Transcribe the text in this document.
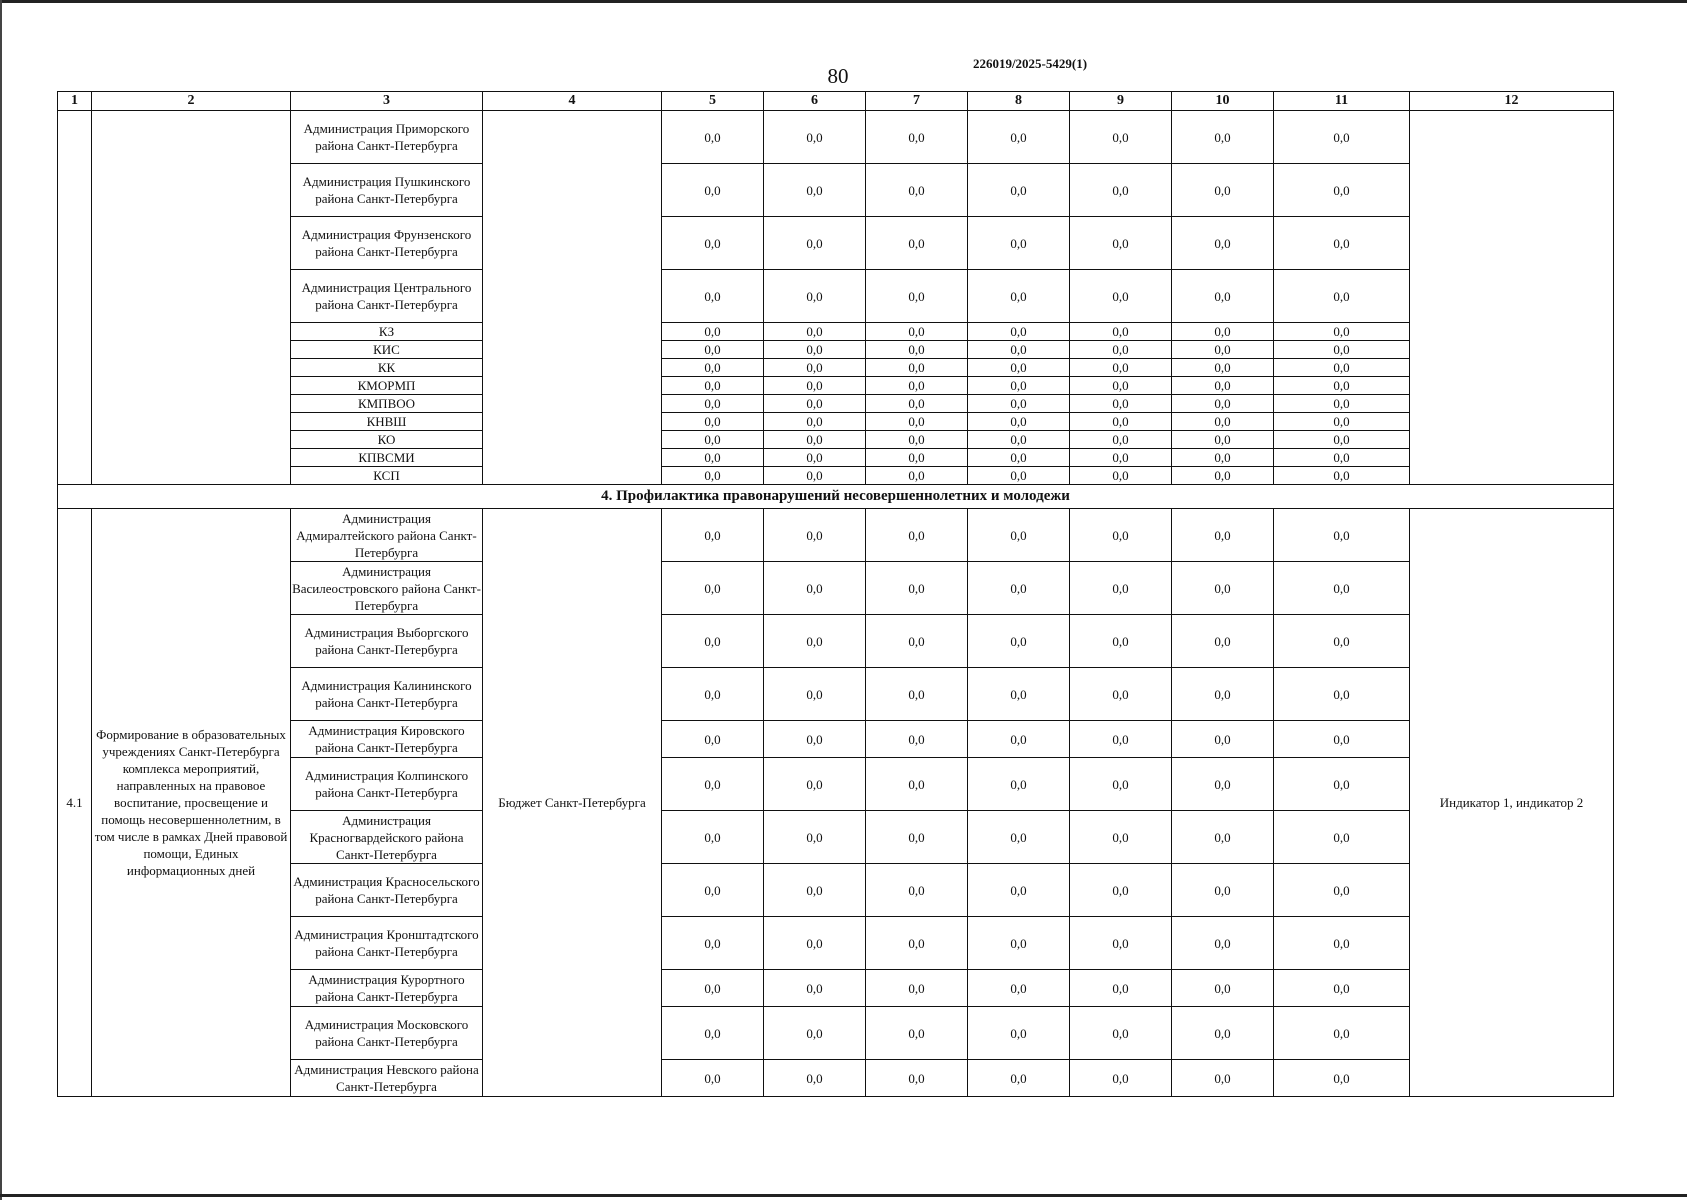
80
226019/2025-5429(1)
1	2	3	4	5	6	7	8	9	10	11	12
		Администрация Приморского района Санкт-Петербурга		0,0	0,0	0,0	0,0	0,0	0,0	0,0	
		Администрация Пушкинского района Санкт-Петербурга		0,0	0,0	0,0	0,0	0,0	0,0	0,0	
		Администрация Фрунзенского района Санкт-Петербурга		0,0	0,0	0,0	0,0	0,0	0,0	0,0	
		Администрация Центрального района Санкт-Петербурга		0,0	0,0	0,0	0,0	0,0	0,0	0,0	
		КЗ		0,0	0,0	0,0	0,0	0,0	0,0	0,0	
		КИС		0,0	0,0	0,0	0,0	0,0	0,0	0,0	
		КК		0,0	0,0	0,0	0,0	0,0	0,0	0,0	
		КМОРМП		0,0	0,0	0,0	0,0	0,0	0,0	0,0	
		КМПВОО		0,0	0,0	0,0	0,0	0,0	0,0	0,0	
		КНВШ		0,0	0,0	0,0	0,0	0,0	0,0	0,0	
		КО		0,0	0,0	0,0	0,0	0,0	0,0	0,0	
		КПВСМИ		0,0	0,0	0,0	0,0	0,0	0,0	0,0	
		КСП		0,0	0,0	0,0	0,0	0,0	0,0	0,0	
4. Профилактика правонарушений несовершеннолетних и молодежи											
4.1	Формирование в образовательных учреждениях Санкт-Петербурга комплекса мероприятий, направленных на правовое воспитание, просвещение и помощь несовершеннолетним, в том числе в рамках Дней правовой помощи, Единых информационных дней	Администрация Адмиралтейского района Санкт-Петербурга	Бюджет Санкт-Петербурга	0,0	0,0	0,0	0,0	0,0	0,0	0,0	Индикатор 1, индикатор 2
		Администрация Василеостровского района Санкт-Петербурга		0,0	0,0	0,0	0,0	0,0	0,0	0,0	
		Администрация Выборгского района Санкт-Петербурга		0,0	0,0	0,0	0,0	0,0	0,0	0,0	
		Администрация Калининского района Санкт-Петербурга		0,0	0,0	0,0	0,0	0,0	0,0	0,0	
		Администрация Кировского района Санкт-Петербурга		0,0	0,0	0,0	0,0	0,0	0,0	0,0	
		Администрация Колпинского района Санкт-Петербурга		0,0	0,0	0,0	0,0	0,0	0,0	0,0	
		Администрация Красногвардейского района Санкт-Петербурга		0,0	0,0	0,0	0,0	0,0	0,0	0,0	
		Администрация Красносельского района Санкт-Петербурга		0,0	0,0	0,0	0,0	0,0	0,0	0,0	
		Администрация Кронштадтского района Санкт-Петербурга		0,0	0,0	0,0	0,0	0,0	0,0	0,0	
		Администрация Курортного района Санкт-Петербурга		0,0	0,0	0,0	0,0	0,0	0,0	0,0	
		Администрация Московского района Санкт-Петербурга		0,0	0,0	0,0	0,0	0,0	0,0	0,0	
		Администрация Невского района Санкт-Петербурга		0,0	0,0	0,0	0,0	0,0	0,0	0,0	
